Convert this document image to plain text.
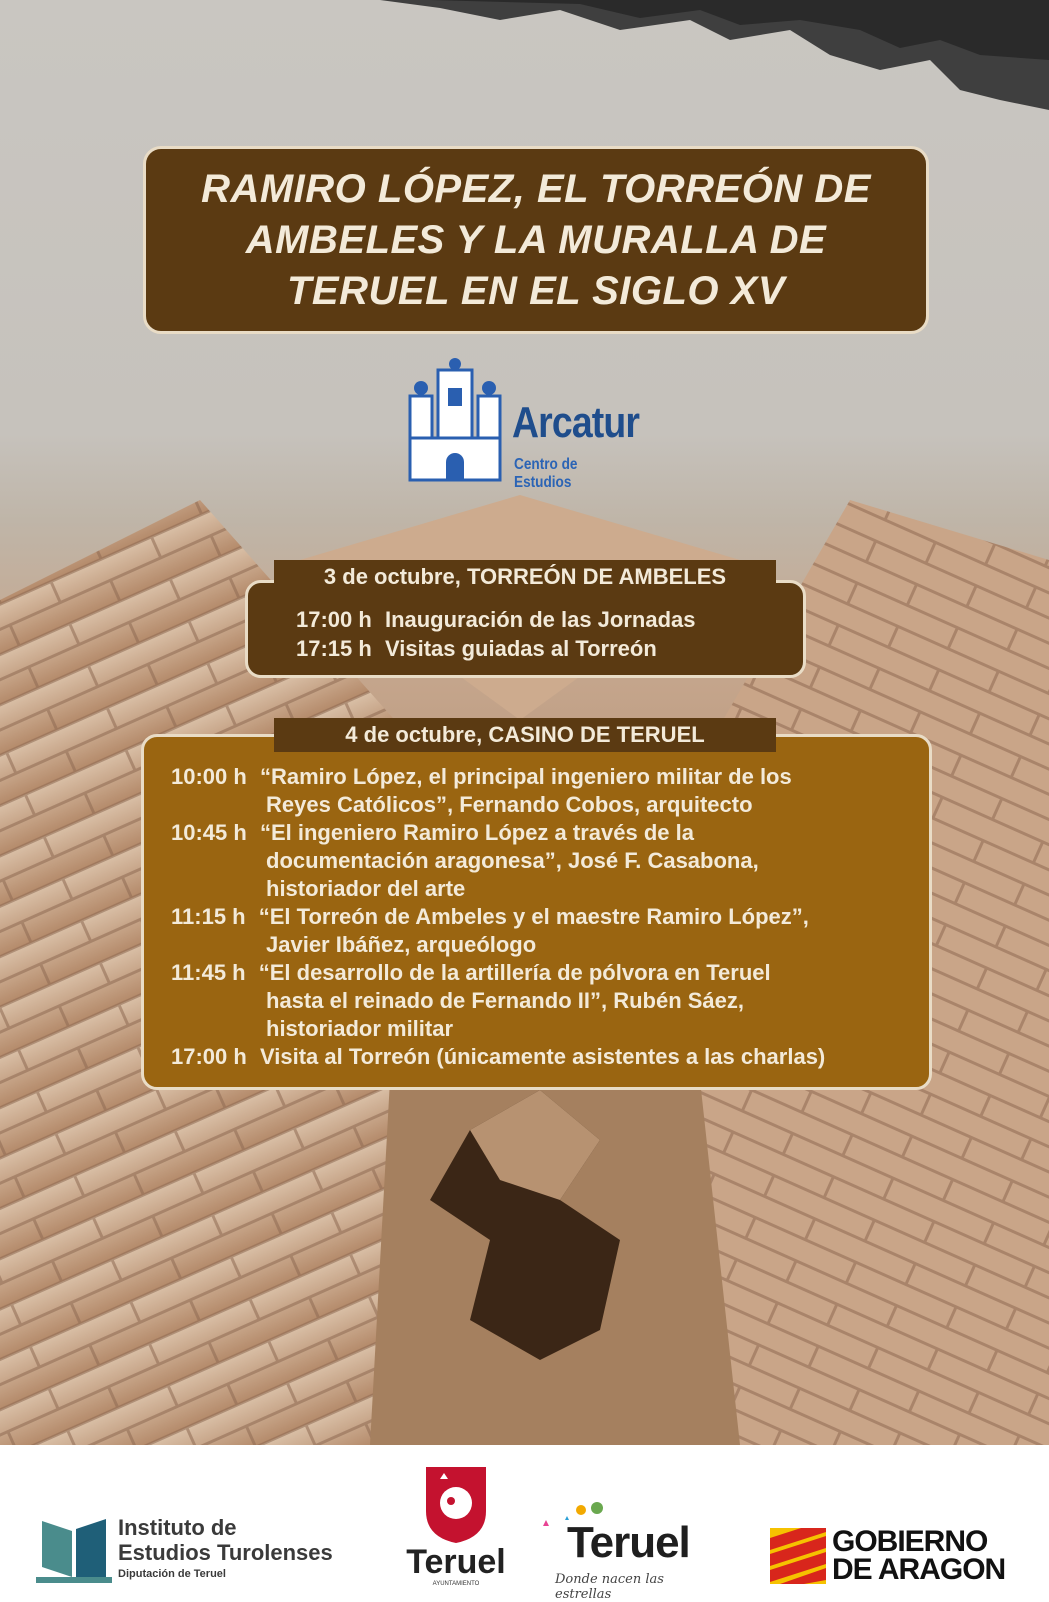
RAMIRO LÓPEZ, EL TORREÓN DE AMBELES Y LA MURALLA DE TERUEL EN EL SIGLO XV
Arcatur
Centro de Estudios
3 de octubre, TORREÓN DE AMBELES
17:00 h Inauguración de las Jornadas
17:15 h Visitas guiadas al Torreón
4 de octubre, CASINO DE TERUEL
10:00 h “Ramiro López, el principal ingeniero militar de los
Reyes Católicos”, Fernando Cobos, arquitecto
10:45 h “El ingeniero Ramiro López a través de la
documentación aragonesa”, José F. Casabona,
historiador del arte
11:15 h “El Torreón de Ambeles y el maestre Ramiro López”,
Javier Ibáñez, arqueólogo
11:45 h “El desarrollo de la artillería de pólvora en Teruel
hasta el reinado de Fernando II”, Rubén Sáez,
historiador militar
17:00 h Visita al Torreón (únicamente asistentes a las charlas)
Instituto de
Estudios Turolenses
Diputación de Teruel	Teruel
AYUNTAMIENTO
Teruel
Donde nacen las estrellas
GOBIERNO
DE ARAGON
